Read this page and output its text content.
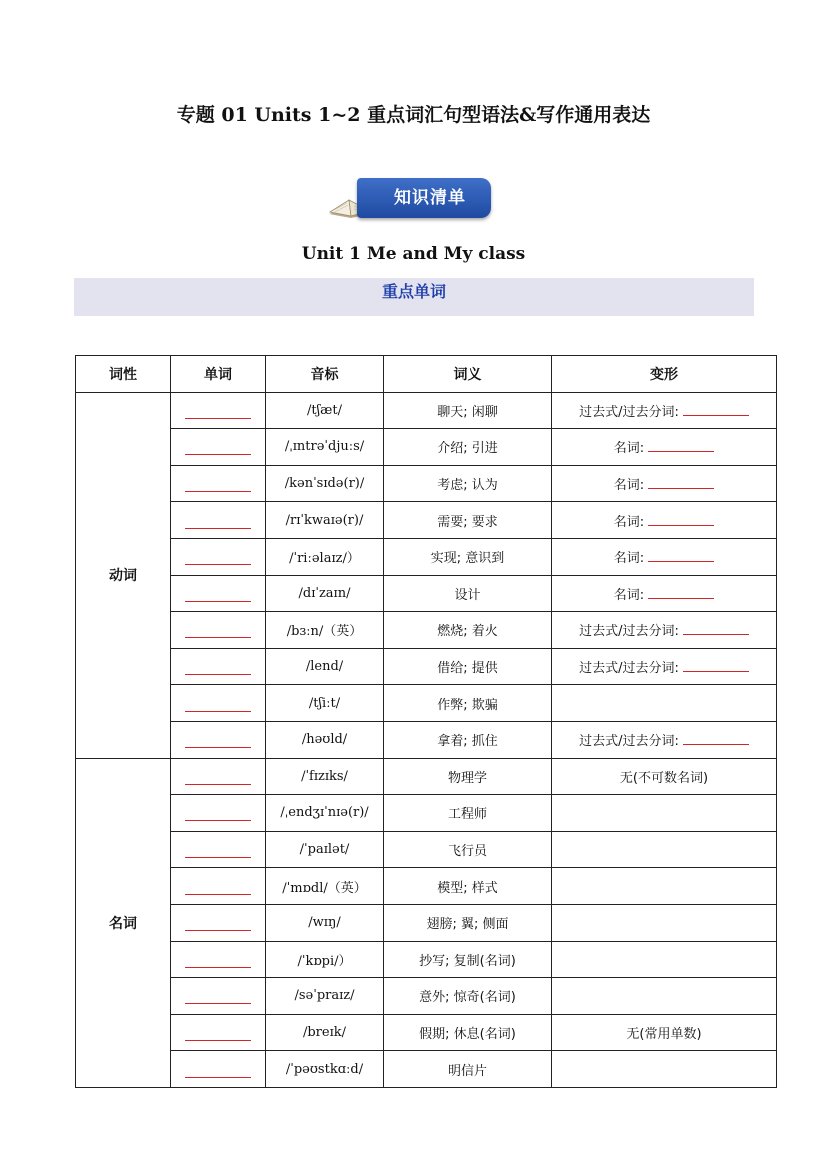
专题 01 Units 1~2 重点词汇句型语法&写作通用表达
知识清单
Unit 1 Me and My class
重点单词
词性	单词	音标	词义	变形
动词		/tʃæt/	聊天; 闲聊	过去式/过去分词:
		/ˌɪntrəˈdjuːs/	介绍; 引进	名词:
		/kənˈsɪdə(r)/	考虑; 认为	名词:
		/rɪˈkwaɪə(r)/	需要; 要求	名词:
		/ˈriːəlaɪz/）	实现; 意识到	名词:
		/dɪˈzaɪn/	设计	名词:
		/bɜːn/（英）	燃烧; 着火	过去式/过去分词:
		/lend/	借给; 提供	过去式/过去分词:
		/tʃiːt/	作弊; 欺骗	
		/həʊld/	拿着; 抓住	过去式/过去分词:
名词		/ˈfɪzɪks/	物理学	无(不可数名词)
		/ˌendʒɪˈnɪə(r)/	工程师	
		/ˈpaɪlət/	飞行员	
		/ˈmɒdl/（英）	模型; 样式	
		/wɪŋ/	翅膀; 翼; 侧面	
		/ˈkɒpi/）	抄写; 复制(名词)	
		/səˈpraɪz/	意外; 惊奇(名词)	
		/breɪk/	假期; 休息(名词)	无(常用单数)
		/ˈpəʊstkɑːd/	明信片	
